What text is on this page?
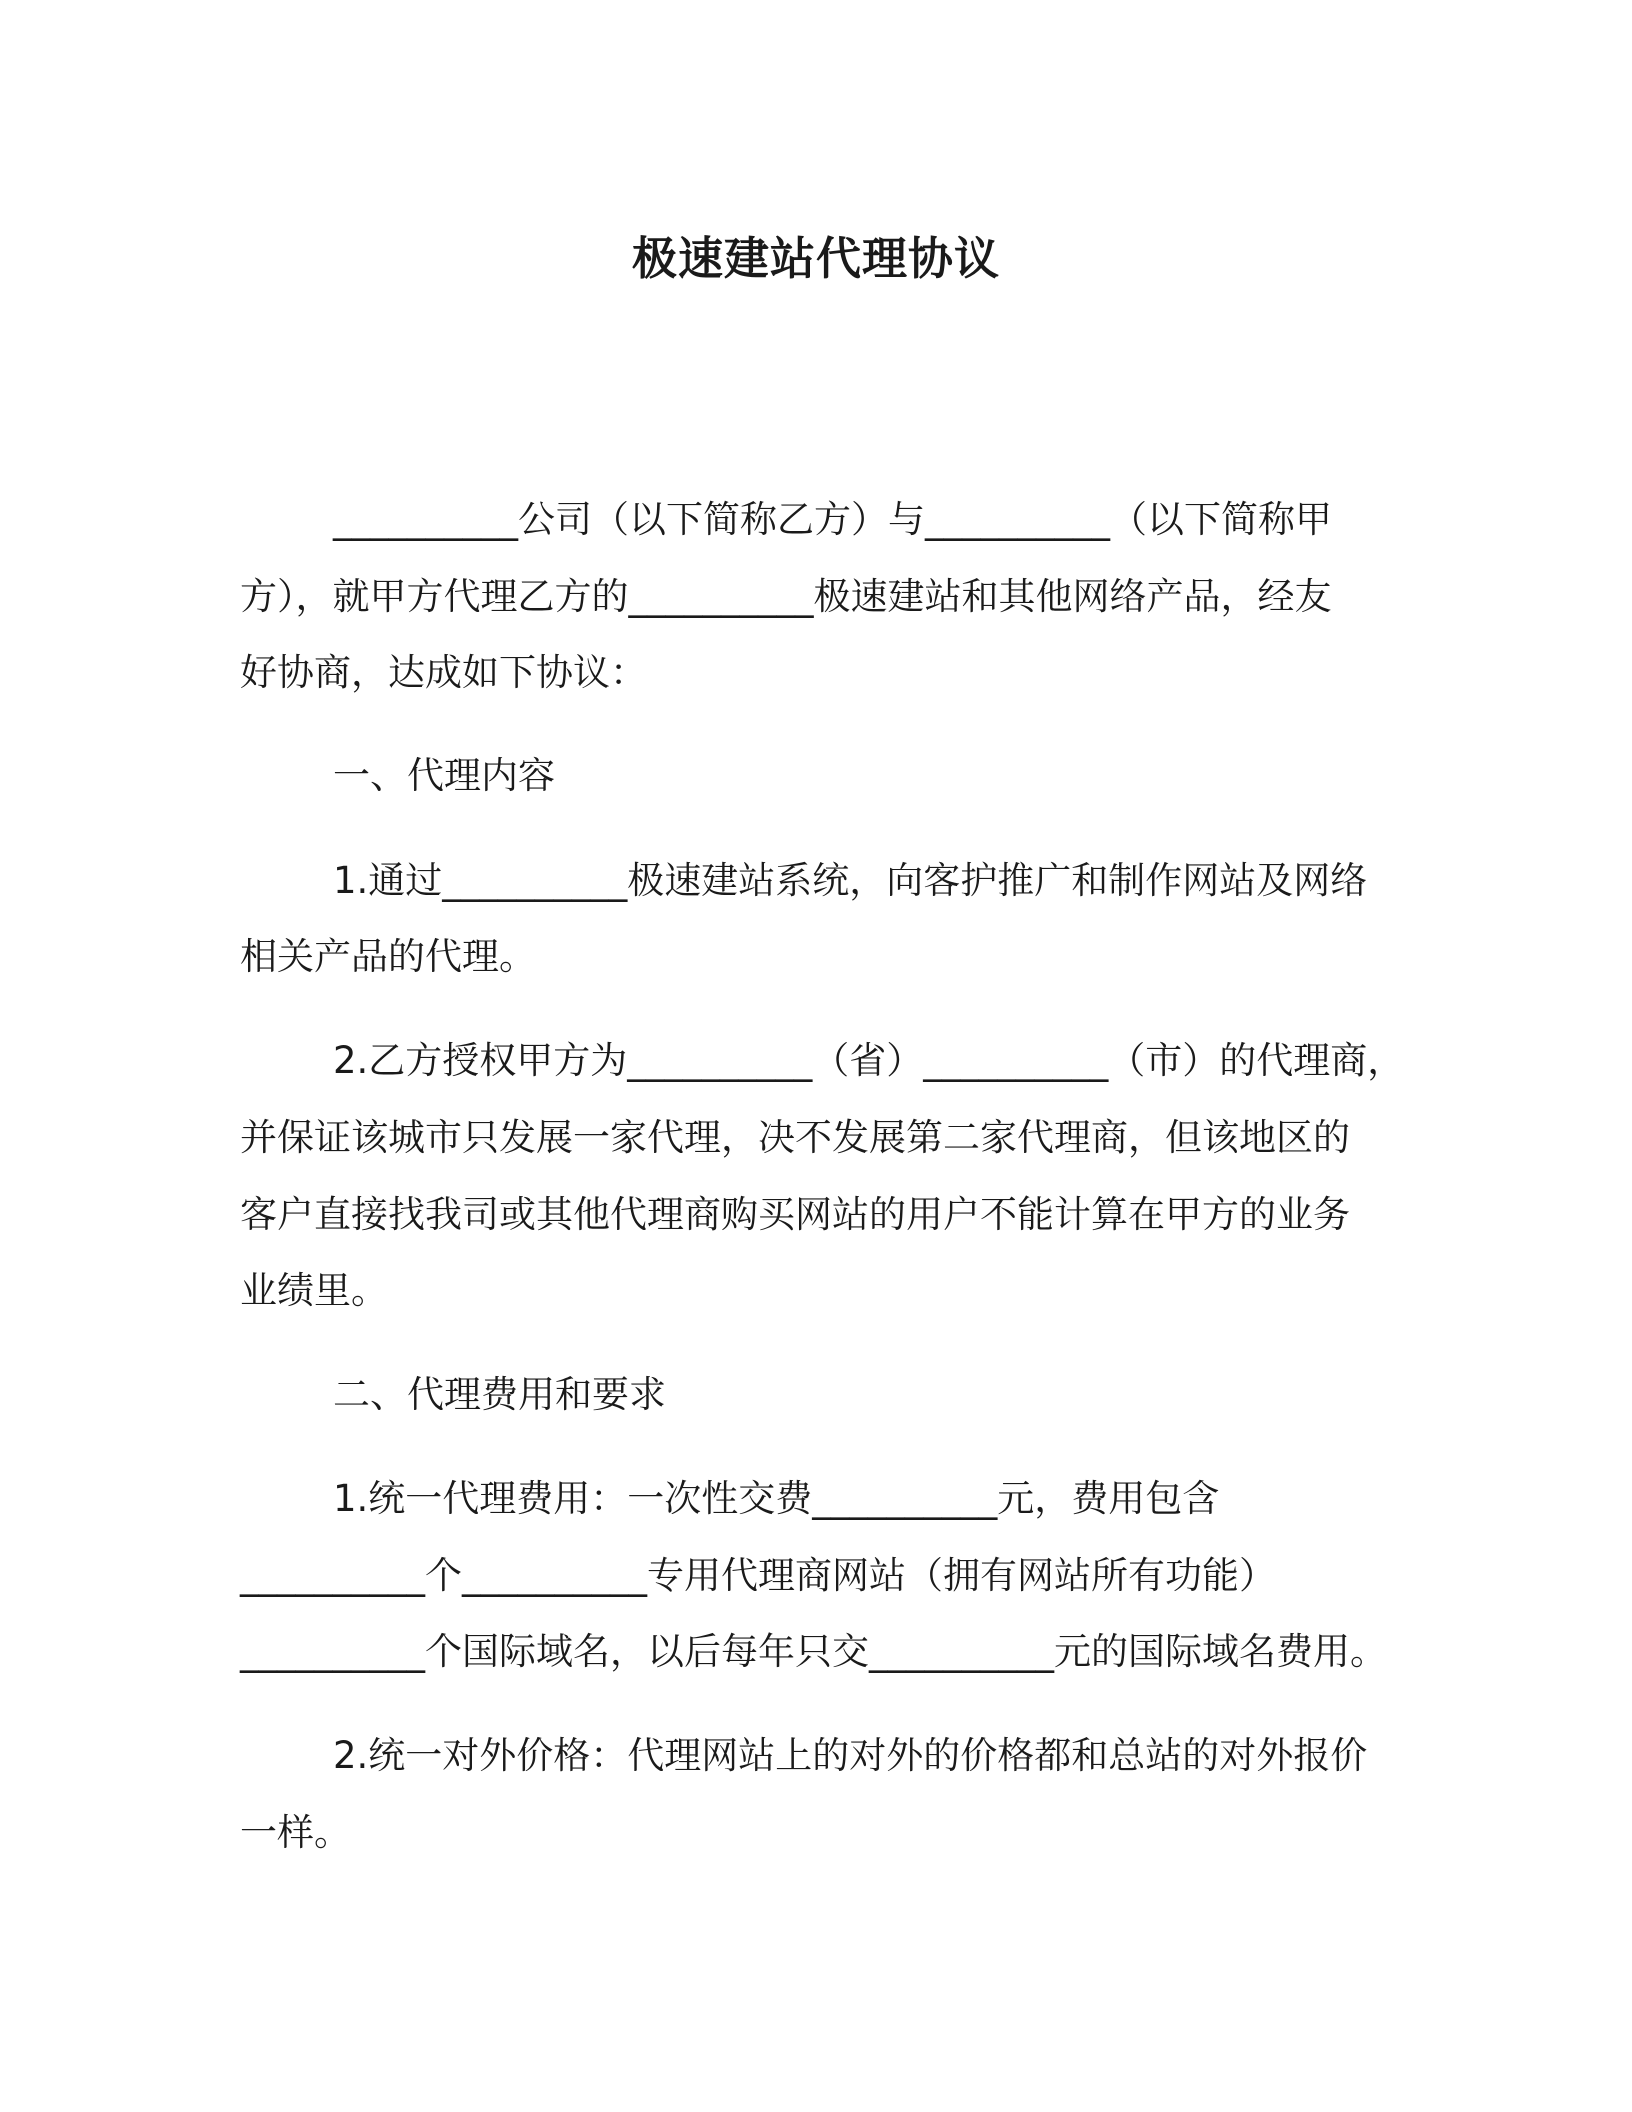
极速建站代理协议
__________公司（以下简称乙方）与__________（以下简称甲
方），就甲方代理乙方的__________极速建站和其他网络产品，经友
好协商，达成如下协议：
一、代理内容
1.通过__________极速建站系统，向客护推广和制作网站及网络
相关产品的代理。
2.乙方授权甲方为__________（省）__________（市）的代理商，
并保证该城市只发展一家代理，决不发展第二家代理商，但该地区的
客户直接找我司或其他代理商购买网站的用户不能计算在甲方的业务
业绩里。
二、代理费用和要求
1.统一代理费用：一次性交费__________元，费用包含
__________个__________专用代理商网站（拥有网站所有功能）
__________个国际域名，以后每年只交__________元的国际域名费用。
2.统一对外价格：代理网站上的对外的价格都和总站的对外报价
一样。
